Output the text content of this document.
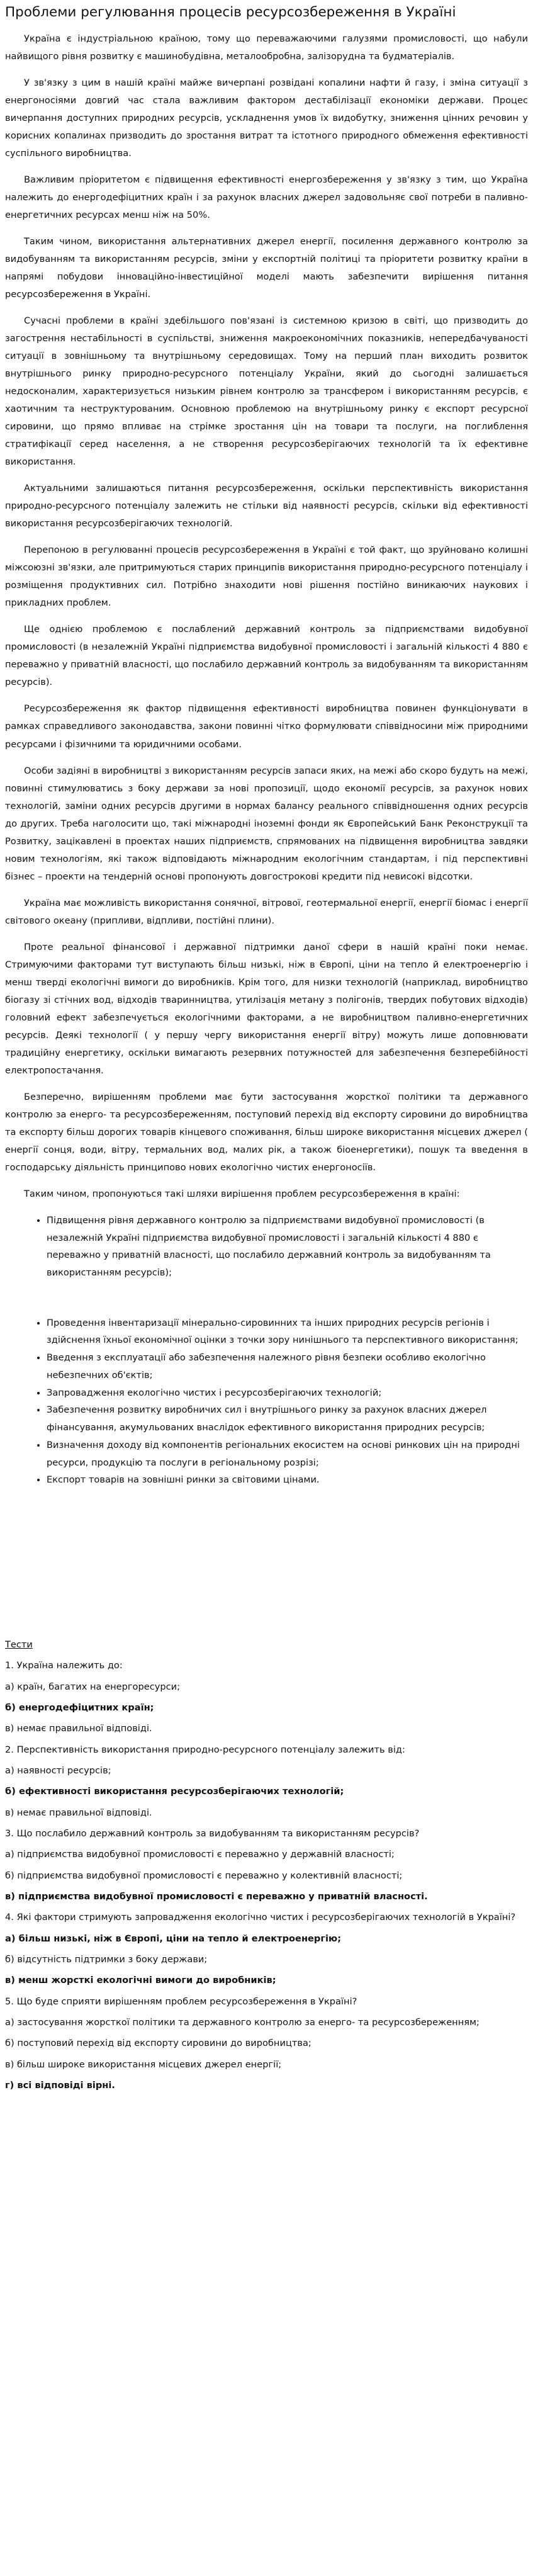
Проблеми регулювання процесів ресурсозбереження в Україні

Україна є індустріальною країною, тому що переважаючими галузями промисловості, що набули найвищого рівня розвитку є машинобудівна, металообробна, залізорудна та будматеріалів.

У зв'язку з цим в нашій країні майже вичерпані розвідані копалини нафти й газу, і зміна ситуації з енергоносіями довгий час стала важливим фактором дестабілізації економіки держави. Процес вичерпання доступних природних ресурсів, ускладнення умов їх видобутку, зниження цінних речовин у корисних копалинах призводить до зростання витрат та істотного природного обмеження ефективності суспільного виробництва.

Важливим пріоритетом є підвищення ефективності енергозбереження у зв'язку з тим, що Україна належить до енергодефіцитних країн і за рахунок власних джерел задовольняє свої потреби в паливно-енергетичних ресурсах менш ніж на 50%.

Таким чином, використання альтернативних джерел енергії, посилення державного контролю за видобуванням та використанням ресурсів, зміни у експортній політиці та пріоритети розвитку країни в напрямі побудови інноваційно-інвестиційної моделі мають забезпечити вирішення питання ресурсозбереження в Україні.

Сучасні проблеми в країні здебільшого пов'язані із системною кризою в світі, що призводить до загострення нестабільності в суспільстві, зниження макроекономічних показників, непередбачуваності ситуації в зовнішньому та внутрішньому середовищах. Тому на перший план виходить розвиток внутрішнього ринку природно-ресурсного потенціалу України, який до сьогодні залишається недосконалим, характеризується низьким рівнем контролю за трансфером і використанням ресурсів, є хаотичним та неструктурованим. Основною проблемою на внутрішньому ринку є експорт ресурсної сировини, що прямо впливає на стрімке зростання цін на товари та послуги, на поглиблення стратифікації серед населення, а не створення ресурсозберігаючих технологій та їх ефективне використання.

Актуальними залишаються питання ресурсозбереження, оскільки перспективність використання природно-ресурсного потенціалу залежить не стільки від наявності ресурсів, скільки від ефективності використання ресурсозберігаючих технологій.

Перепоною в регулюванні процесів ресурсозбереження в Україні є той факт, що зруйновано колишні міжсоюзні зв'язки, але притримуються старих принципів використання природно-ресурсного потенціалу і розміщення продуктивних сил. Потрібно знаходити нові рішення постійно виникаючих наукових і прикладних проблем.

Ще однією проблемою є послаблений державний контроль за підприємствами видобувної промисловості (в незалежній Україні підприємства видобувної промисловості і загальній кількості 4 880 є переважно у приватній власності, що послабило державний контроль за видобуванням та використанням ресурсів).

Ресурсозбереження як фактор підвищення ефективності виробництва повинен функціонувати в рамках справедливого законодавства, закони повинні чітко формулювати співвідносини між природними ресурсами і фізичними та юридичними особами.

Особи задіяні в виробництві з використанням ресурсів запаси яких, на межі або скоро будуть на межі, повинні стимулюватись з боку держави за нові пропозиції, щодо економії ресурсів, за рахунок нових технологій, заміни одних ресурсів другими в нормах балансу реального співвідношення одних ресурсів до других. Треба наголосити що, такі міжнародні іноземні фонди як Європейський Банк Реконструкції та Розвитку, зацікавлені в проектах наших підприємств, спрямованих на підвищення виробництва завдяки новим технологіям, які також відповідають міжнародним екологічним стандартам, і під перспективні бізнес – проекти на тендерній основі пропонують довгострокові кредити під невисокі відсотки.

Україна має можливість використання сонячної, вітрової, геотермальної енергії, енергії біомас і енергії світового океану (припливи, відпливи, постійні плини).

Проте реальної фінансової і державної підтримки даної сфери в нашій країні поки немає. Стримуючими факторами тут виступають більш низькі, ніж в Європі, ціни на тепло й електроенергію і менш тверді екологічні вимоги до виробників. Крім того, для низки технологій (наприклад, виробництво біогазу зі стічних вод, відходів тваринництва, утилізація метану з полігонів, твердих побутових відходів) головний ефект забезпечується екологічними факторами, а не виробництвом паливно-енергетичних ресурсів. Деякі технології ( у першу чергу використання енергії вітру) можуть лише доповнювати традиційну енергетику, оскільки вимагають резервних потужностей для забезпечення безперебійності електропостачання.

Безперечно, вирішенням проблеми має бути застосування жорсткої політики та державного контролю за енерго- та ресурсозбереженням, поступовий перехід від експорту сировини до виробництва та експорту більш дорогих товарів кінцевого споживання, більш широке використання місцевих джерел ( енергії сонця, води, вітру, термальних вод, малих рік, а також біоенергетики), пошук та введення в господарську діяльність принципово нових екологічно чистих енергоносіїв.

Таким чином, пропонуються такі шляхи вирішення проблем ресурсозбереження в країні:

• Підвищення рівня державного контролю за підприємствами видобувної промисловості (в незалежній Україні підприємства видобувної промисловості і загальній кількості 4 880 є переважно у приватній власності, що послабило державний контроль за видобуванням та використанням ресурсів);
• Проведення інвентаризації мінерально-сировинних та інших природних ресурсів регіонів і здійснення їхньої економічної оцінки з точки зору нинішнього та перспективного використання;
• Введення з експлуатації або забезпечення належного рівня безпеки особливо екологічно небезпечних об'єктів;
• Запровадження екологічно чистих і ресурсозберігаючих технологій;
• Забезпечення розвитку виробничих сил і внутрішнього ринку за рахунок власних джерел фінансування, акумульованих внаслідок ефективного використання природних ресурсів;
• Визначення доходу від компонентів регіональних екосистем на основі ринкових цін на природні ресурси, продукцію та послуги в регіональному розрізі;
• Експорт товарів на зовнішні ринки за світовими цінами.
Тести
1. Україна належить до:
а) країн, багатих на енергоресурси;
б) енергодефіцитних країн;
в) немає правильної відповіді.
2. Перспективність використання природно-ресурсного потенціалу залежить від:
а) наявності ресурсів;
б) ефективності використання ресурсозберігаючих технологій;
в) немає правильної відповіді.
3. Що послабило державний контроль за видобуванням та використанням ресурсів?
а) підприємства видобувної промисловості є переважно у державній власності;
б) підприємства видобувної промисловості є переважно у колективній власності;
в) підприємства видобувної промисловості є переважно у приватній власності.
4. Які фактори стримують запровадження екологічно чистих і ресурсозберігаючих технологій в Україні?
а) більш низькі, ніж в Європі, ціни на тепло й електроенергію;
б) відсутність підтримки з боку держави;
в) менш жорсткі екологічні вимоги до виробників;
5. Що буде сприяти вирішенням проблем ресурсозбереження в Україні?
а) застосування жорсткої політики та державного контролю за енерго- та ресурсозбереженням;
б) поступовий перехід від експорту сировини до виробництва;
в) більш широке використання місцевих джерел енергії;
г) всі відповіді вірні.
